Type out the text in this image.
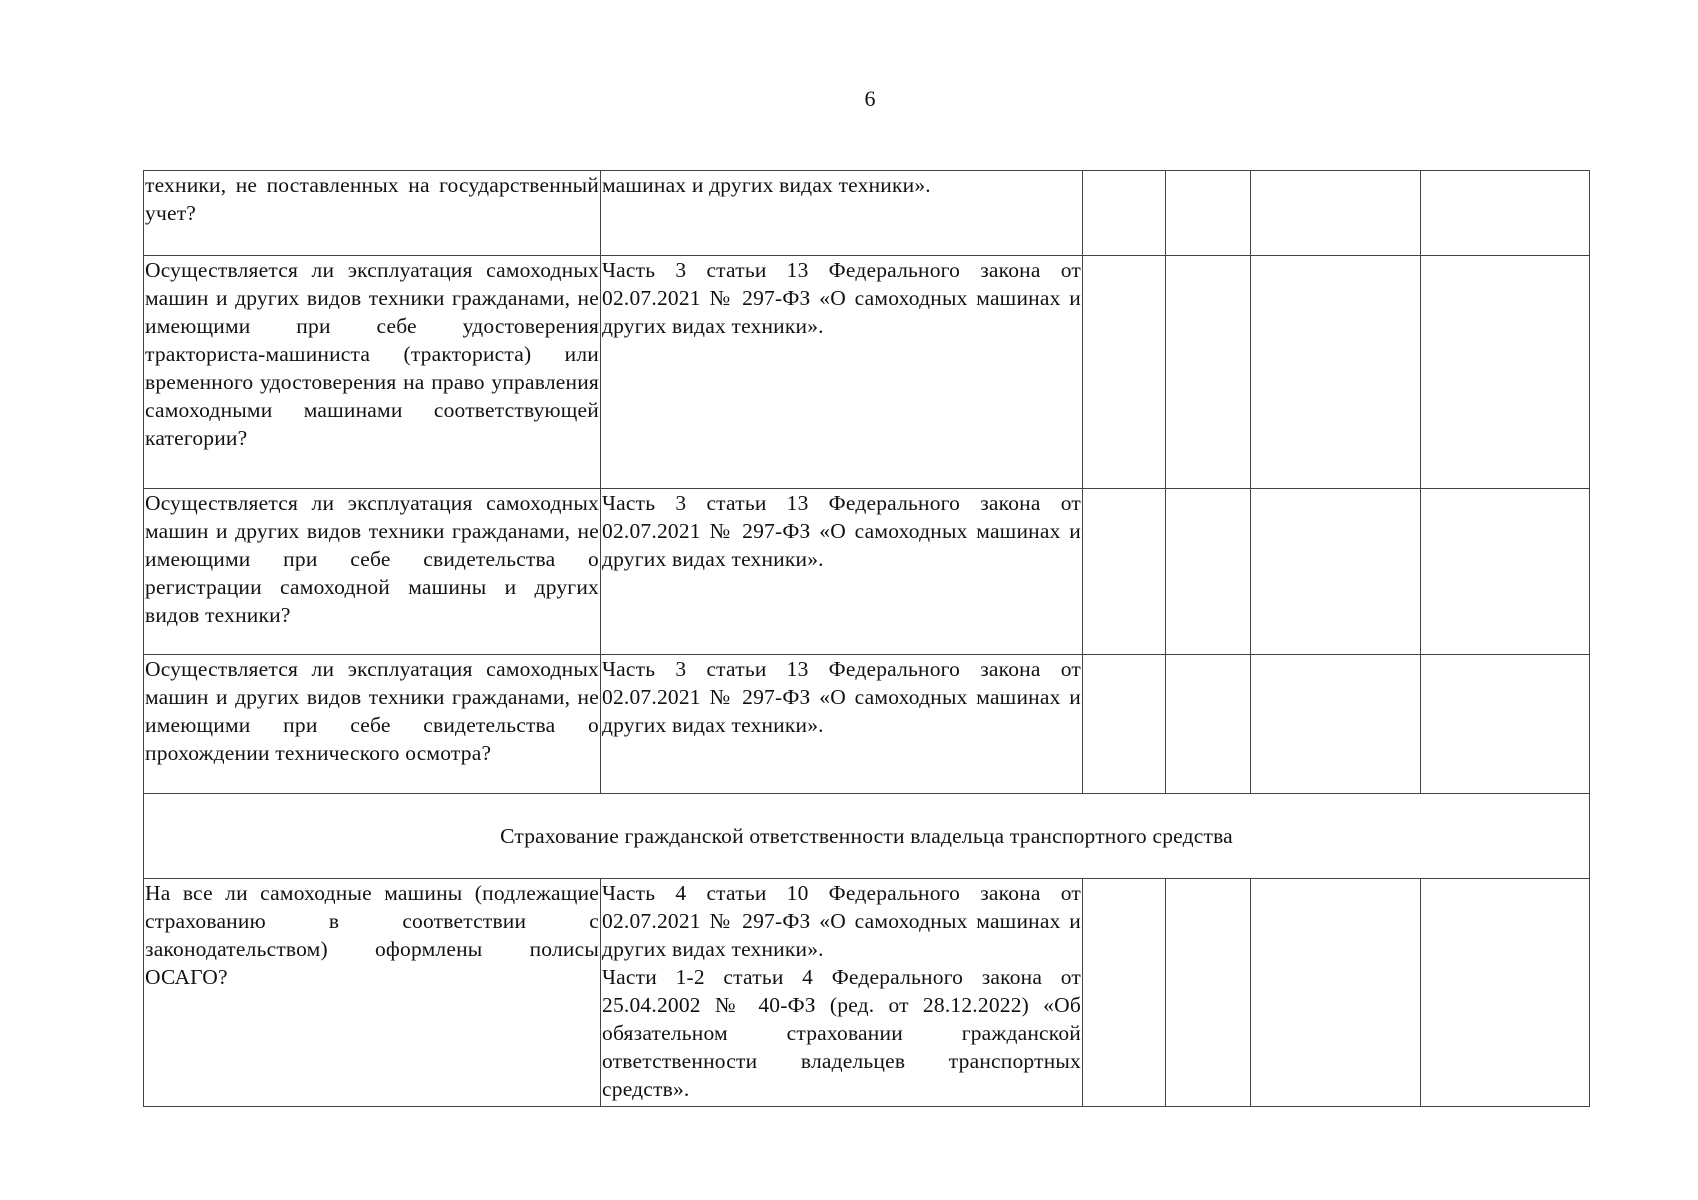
6
техники, не поставленных на государственный учет?	машинах и других видах техники».				

Осуществляется ли эксплуатация самоходных машин и других видов техники гражданами, не имеющими при себе удостоверения тракториста-машиниста (тракториста) или временного удостоверения на право управления самоходными машинами соответствующей категории?	Часть 3 статьи 13 Федерального закона от 02.07.2021 № 297-ФЗ «О самоходных машинах и других видах техники».				

Осуществляется ли эксплуатация самоходных машин и других видов техники гражданами, не имеющими при себе свидетельства о регистрации самоходной машины и других видов техники?	Часть 3 статьи 13 Федерального закона от 02.07.2021 № 297-ФЗ «О самоходных машинах и других видах техники».				

Осуществляется ли эксплуатация самоходных машин и других видов техники гражданами, не имеющими при себе свидетельства о прохождении технического осмотра?	Часть 3 статьи 13 Федерального закона от 02.07.2021 № 297-ФЗ «О самоходных машинах и других видах техники».				

Страхование гражданской ответственности владельца транспортного средства					
На все ли самоходные машины (подлежащие страхованию в соответствии с законодательством) оформлены полисы ОСАГО?	Часть 4 статьи 10 Федерального закона от 02.07.2021 № 297-ФЗ «О самоходных машинах и других видах техники».
Части 1-2 статьи 4 Федерального закона от 25.04.2002 № 40-ФЗ (ред. от 28.12.2022) «Об обязательном страховании гражданской ответственности владельцев транспортных средств».				
